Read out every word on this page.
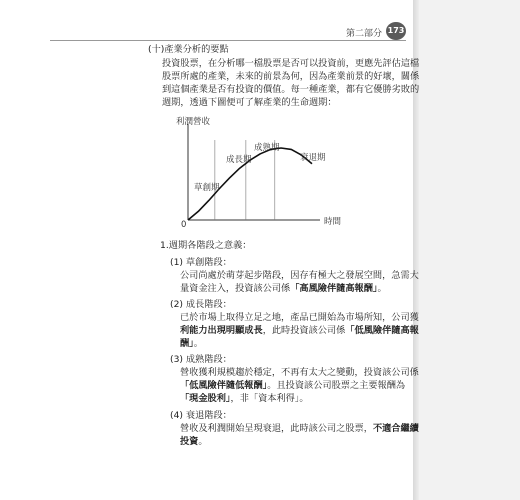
第二部分 173
(十)產業分析的要點
投資股票，在分析哪一檔股票是否可以投資前，更應先評估這檔
股票所處的產業，未來的前景為何，因為產業前景的好壞，關係
到這個產業是否有投資的價值。每一種產業，都有它優勝劣敗的
週期，透過下圖便可了解產業的生命週期：
利潤營收
時間
0
草創期
成長期
成熟期
衰退期
1.週期各階段之意義：
(1) 草創階段：
公司尚處於萌芽起步階段，因存有極大之發展空間，急需大
量資金注入，投資該公司係「高風險伴隨高報酬」。
(2) 成長階段：
已於市場上取得立足之地，產品已開始為市場所知，公司獲
利能力出現明顯成長，此時投資該公司係「低風險伴隨高報
酬」。
(3) 成熟階段：
營收獲利規模趨於穩定，不再有太大之變動，投資該公司係
「低風險伴隨低報酬」。且投資該公司股票之主要報酬為
「現金股利」，非「資本利得」。
(4) 衰退階段：
營收及利潤開始呈現衰退，此時該公司之股票，不適合繼續
投資。
